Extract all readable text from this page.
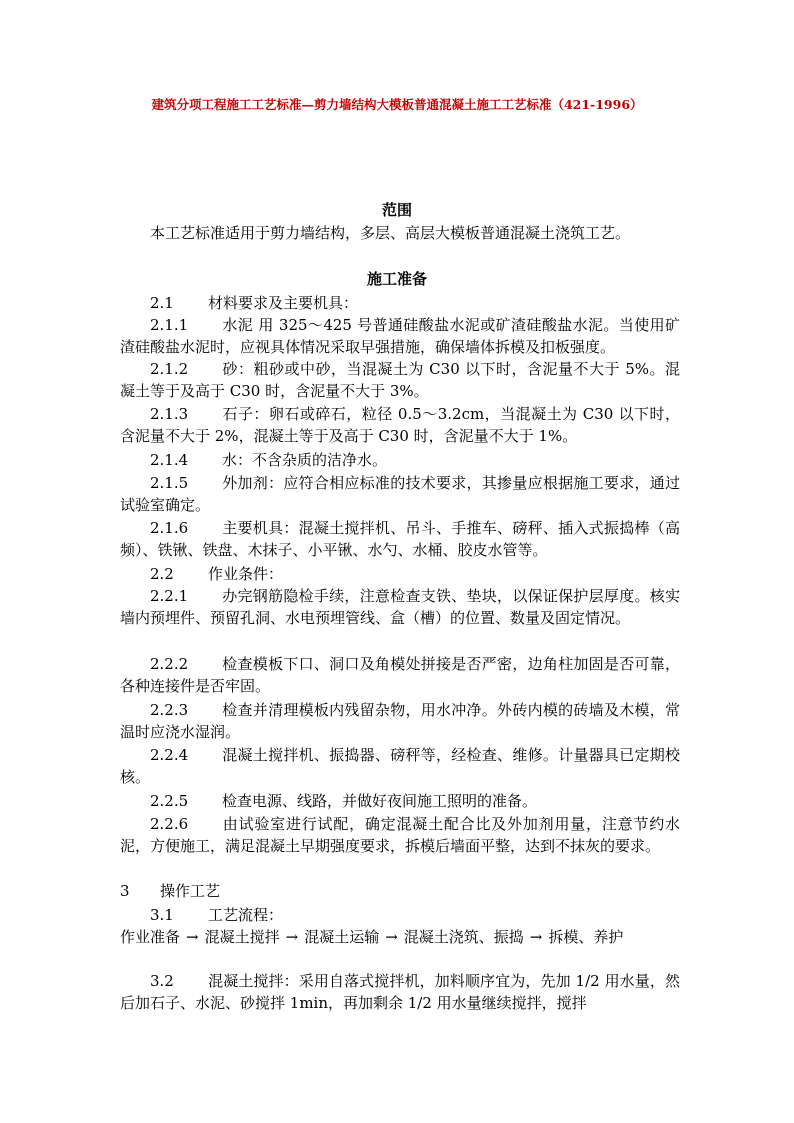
建筑分项工程施工工艺标准—剪力墙结构大模板普通混凝土施工工艺标准（421-1996）
范围
本工艺标准适用于剪力墙结构，多层、高层大模板普通混凝土浇筑工艺。
施工准备
2.1 材料要求及主要机具：
2.1.1 水泥 用 325～425 号普通硅酸盐水泥或矿渣硅酸盐水泥。当使用矿渣硅酸盐水泥时，应视具体情况采取早强措施，确保墙体拆模及扣板强度。
2.1.2 砂：粗砂或中砂，当混凝土为 C30 以下时，含泥量不大于 5%。混凝土等于及高于 C30 时，含泥量不大于 3%。
2.1.3 石子：卵石或碎石，粒径 0.5～3.2cm，当混凝土为 C30 以下时，含泥量不大于 2%，混凝土等于及高于 C30 时，含泥量不大于 1%。
2.1.4 水：不含杂质的洁净水。
2.1.5 外加剂：应符合相应标准的技术要求，其掺量应根据施工要求，通过试验室确定。
2.1.6 主要机具：混凝土搅拌机、吊斗、手推车、磅秤、插入式振捣棒（高频）、铁锹、铁盘、木抹子、小平锹、水勺、水桶、胶皮水管等。
2.2 作业条件：
2.2.1 办完钢筋隐检手续，注意检查支铁、垫块，以保证保护层厚度。核实墙内预埋件、预留孔洞、水电预埋管线、盒（槽）的位置、数量及固定情况。
2.2.2 检查模板下口、洞口及角模处拼接是否严密，边角柱加固是否可靠，各种连接件是否牢固。
2.2.3 检查并清理模板内残留杂物，用水冲净。外砖内模的砖墙及木模，常温时应浇水湿润。
2.2.4 混凝土搅拌机、振捣器、磅秤等，经检查、维修。计量器具已定期校核。
2.2.5 检查电源、线路，并做好夜间施工照明的准备。
2.2.6 由试验室进行试配，确定混凝土配合比及外加剂用量，注意节约水泥，方便施工，满足混凝土早期强度要求，拆模后墙面平整，达到不抹灰的要求。
3 操作工艺
3.1 工艺流程：
作业准备 → 混凝土搅拌 → 混凝土运输 → 混凝土浇筑、振捣 → 拆模、养护
3.2 混凝土搅拌：采用自落式搅拌机，加料顺序宜为，先加 1/2 用水量，然后加石子、水泥、砂搅拌 1min，再加剩余 1/2 用水量继续搅拌，搅拌
